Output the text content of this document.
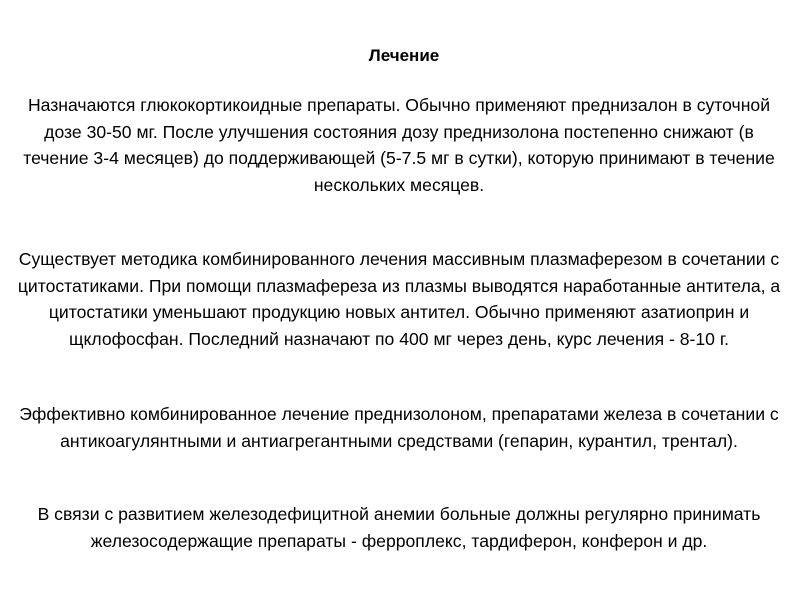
Лечение

Назначаются глюкокортикоидные препараты. Обычно применяют преднизалон в суточной дозе 30-50 мг. После улучшения состояния дозу преднизолона постепенно снижают (в течение 3-4 месяцев) до поддерживающей (5-7.5 мг в сутки), которую принимают в течение нескольких месяцев.

Существует методика комбинированного лечения массивным плазмаферезом в сочетании с цитостатиками. При помощи плазмафереза из плазмы выводятся наработанные антитела, а цитостатики уменьшают продукцию новых антител. Обычно применяют азатиоприн и щклофосфан. Последний назначают по 400 мг через день, курс лечения - 8-10 г.

Эффективно комбинированное лечение преднизолоном, препаратами железа в сочетании с антикоагулянтными и антиагрегантными средствами (гепарин, курантил, трентал).

В связи с развитием железодефицитной анемии больные должны регулярно принимать железосодержащие препараты - ферроплекс, тардиферон, конферон и др.
